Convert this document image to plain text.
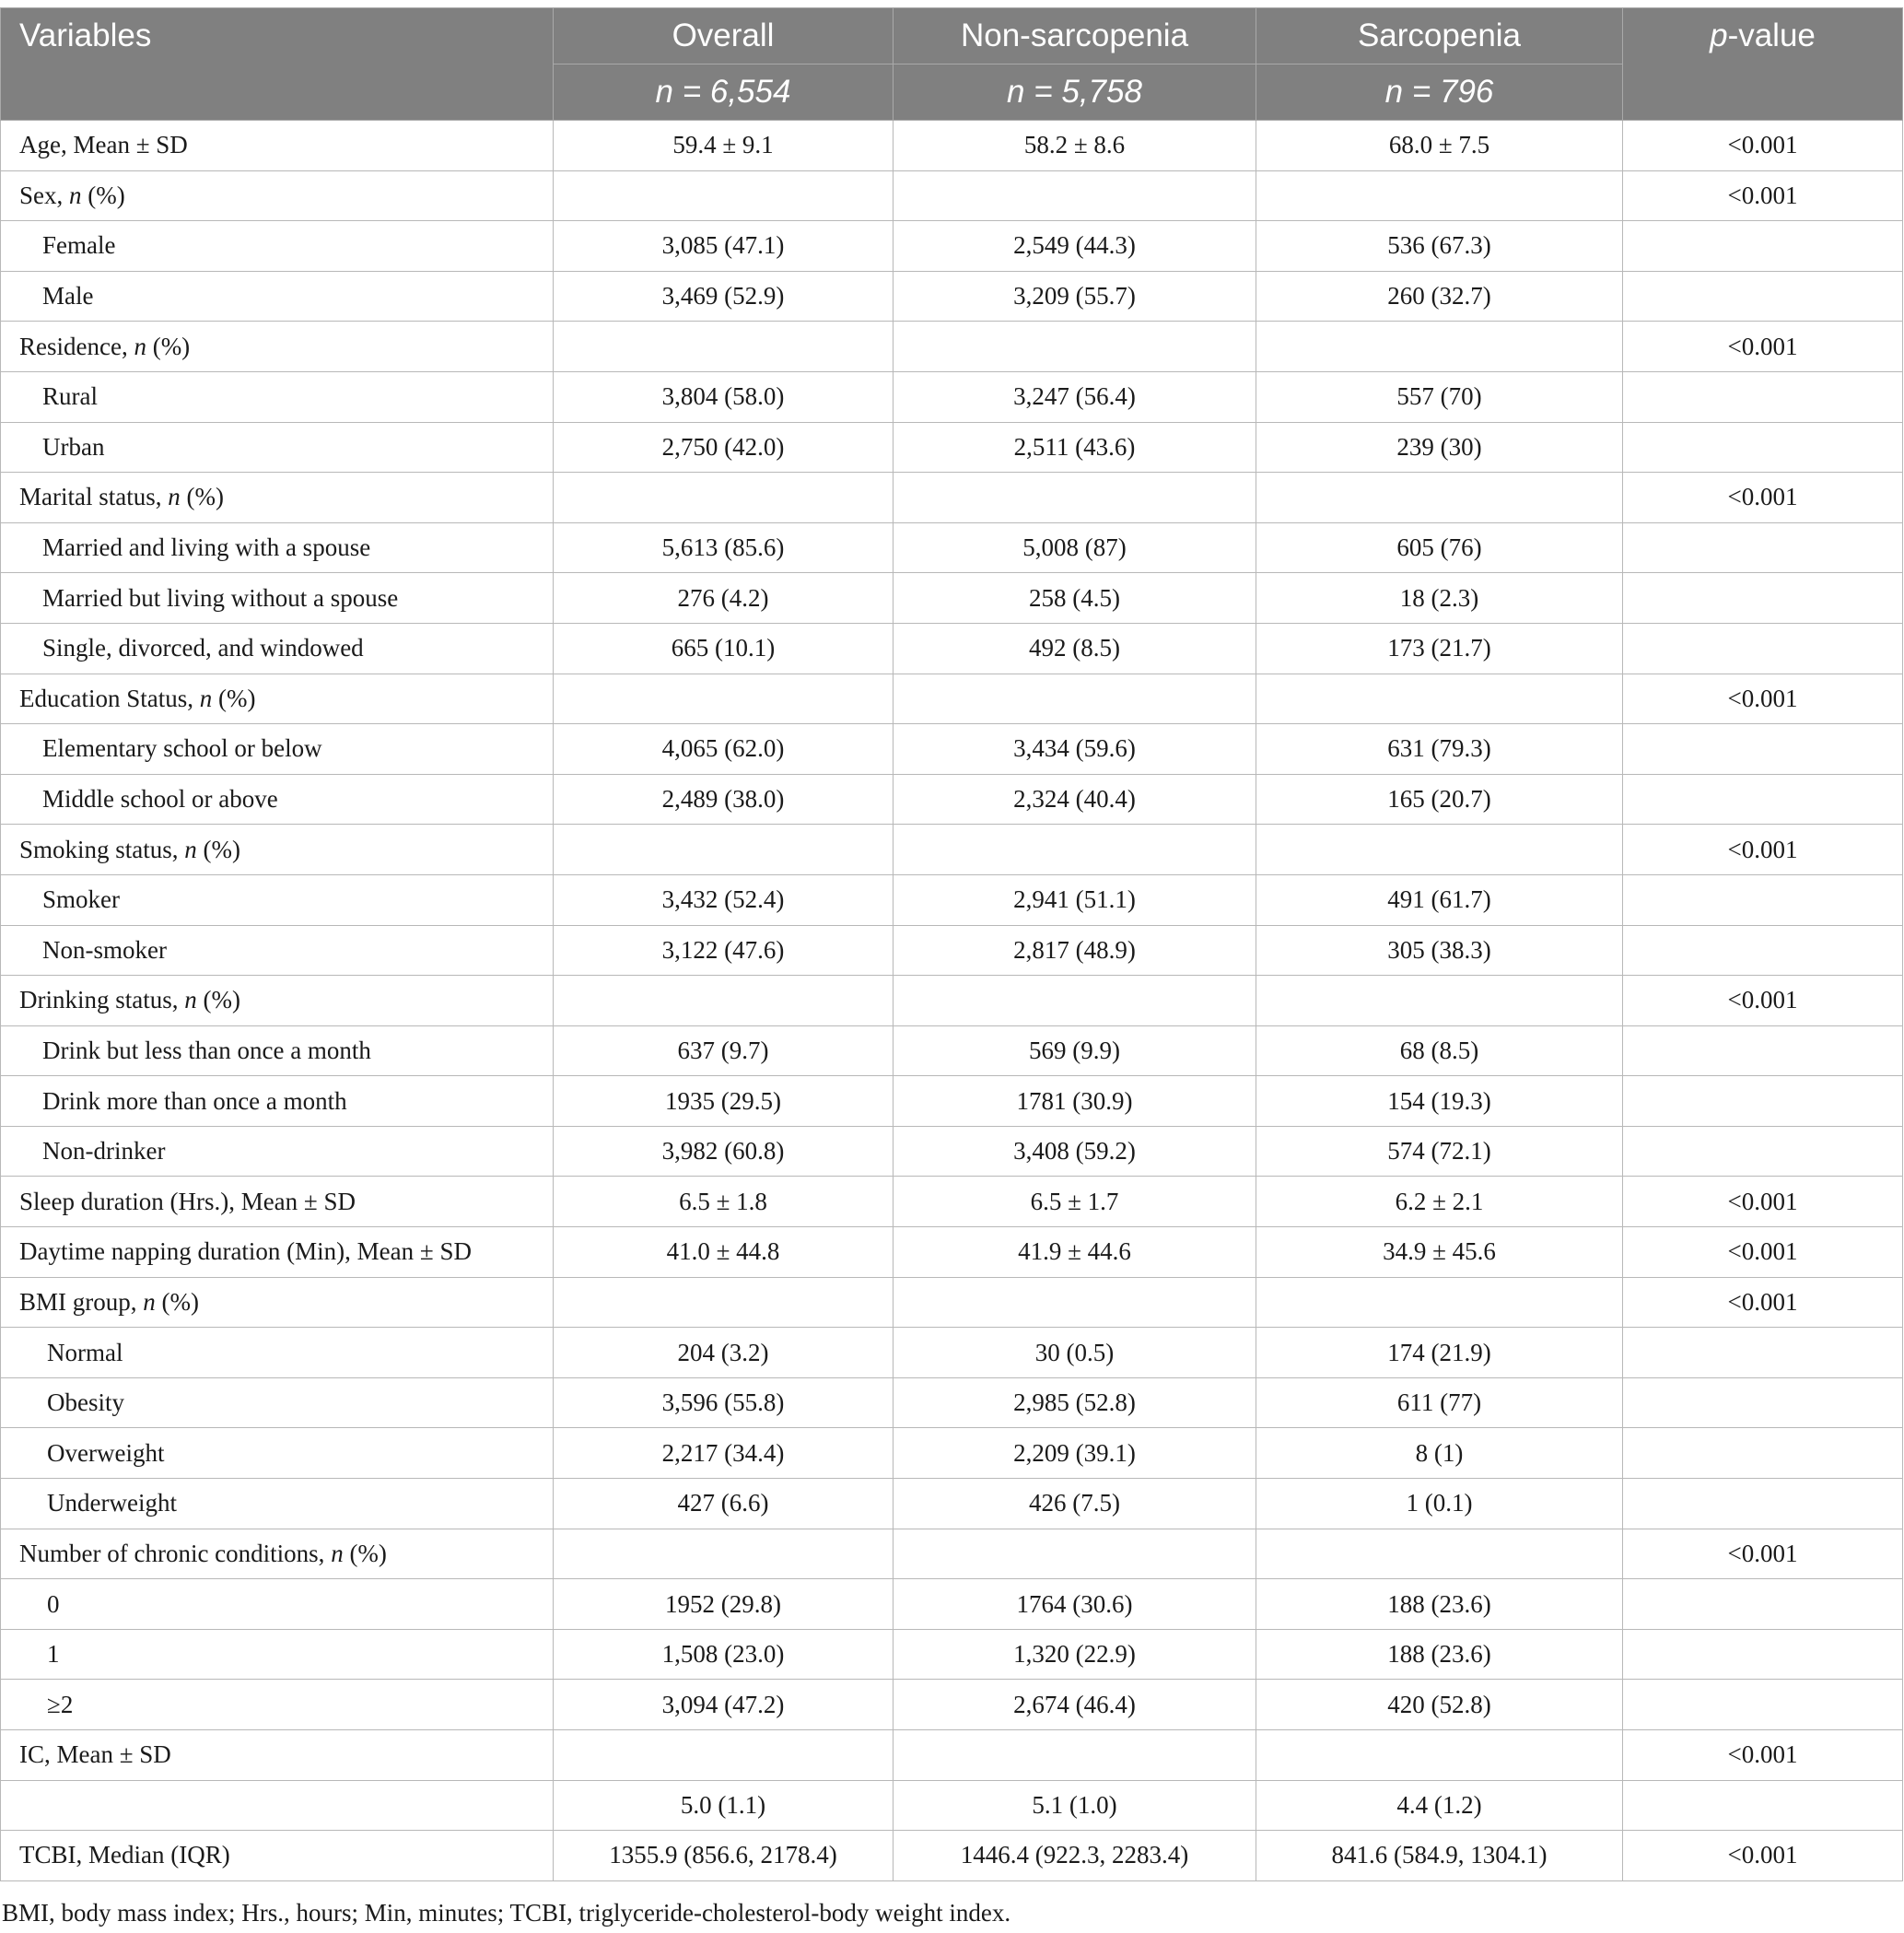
Variables	Overall	Non-sarcopenia	Sarcopenia	p-value
	n = 6,554	n = 5,758	n = 796	
Age, Mean ± SD	59.4 ± 9.1	58.2 ± 8.6	68.0 ± 7.5	<0.001
Sex, n (%)				<0.001
Female	3,085 (47.1)	2,549 (44.3)	536 (67.3)	
Male	3,469 (52.9)	3,209 (55.7)	260 (32.7)	
Residence, n (%)				<0.001
Rural	3,804 (58.0)	3,247 (56.4)	557 (70)	
Urban	2,750 (42.0)	2,511 (43.6)	239 (30)	
Marital status, n (%)				<0.001
Married and living with a spouse	5,613 (85.6)	5,008 (87)	605 (76)	
Married but living without a spouse	276 (4.2)	258 (4.5)	18 (2.3)	
Single, divorced, and windowed	665 (10.1)	492 (8.5)	173 (21.7)	
Education Status, n (%)				<0.001
Elementary school or below	4,065 (62.0)	3,434 (59.6)	631 (79.3)	
Middle school or above	2,489 (38.0)	2,324 (40.4)	165 (20.7)	
Smoking status, n (%)				<0.001
Smoker	3,432 (52.4)	2,941 (51.1)	491 (61.7)	
Non-smoker	3,122 (47.6)	2,817 (48.9)	305 (38.3)	
Drinking status, n (%)				<0.001
Drink but less than once a month	637 (9.7)	569 (9.9)	68 (8.5)	
Drink more than once a month	1935 (29.5)	1781 (30.9)	154 (19.3)	
Non-drinker	3,982 (60.8)	3,408 (59.2)	574 (72.1)	
Sleep duration (Hrs.), Mean ± SD	6.5 ± 1.8	6.5 ± 1.7	6.2 ± 2.1	<0.001
Daytime napping duration (Min), Mean ± SD	41.0 ± 44.8	41.9 ± 44.6	34.9 ± 45.6	<0.001
BMI group, n (%)				<0.001
Normal	204 (3.2)	30 (0.5)	174 (21.9)	
Obesity	3,596 (55.8)	2,985 (52.8)	611 (77)	
Overweight	2,217 (34.4)	2,209 (39.1)	8 (1)	
Underweight	427 (6.6)	426 (7.5)	1 (0.1)	
Number of chronic conditions, n (%)				<0.001
0	1952 (29.8)	1764 (30.6)	188 (23.6)	
1	1,508 (23.0)	1,320 (22.9)	188 (23.6)	
≥2	3,094 (47.2)	2,674 (46.4)	420 (52.8)	
IC, Mean ± SD				<0.001
	5.0 (1.1)	5.1 (1.0)	4.4 (1.2)	
TCBI, Median (IQR)	1355.9 (856.6, 2178.4)	1446.4 (922.3, 2283.4)	841.6 (584.9, 1304.1)	<0.001
BMI, body mass index; Hrs., hours; Min, minutes; TCBI, triglyceride-cholesterol-body weight index.
